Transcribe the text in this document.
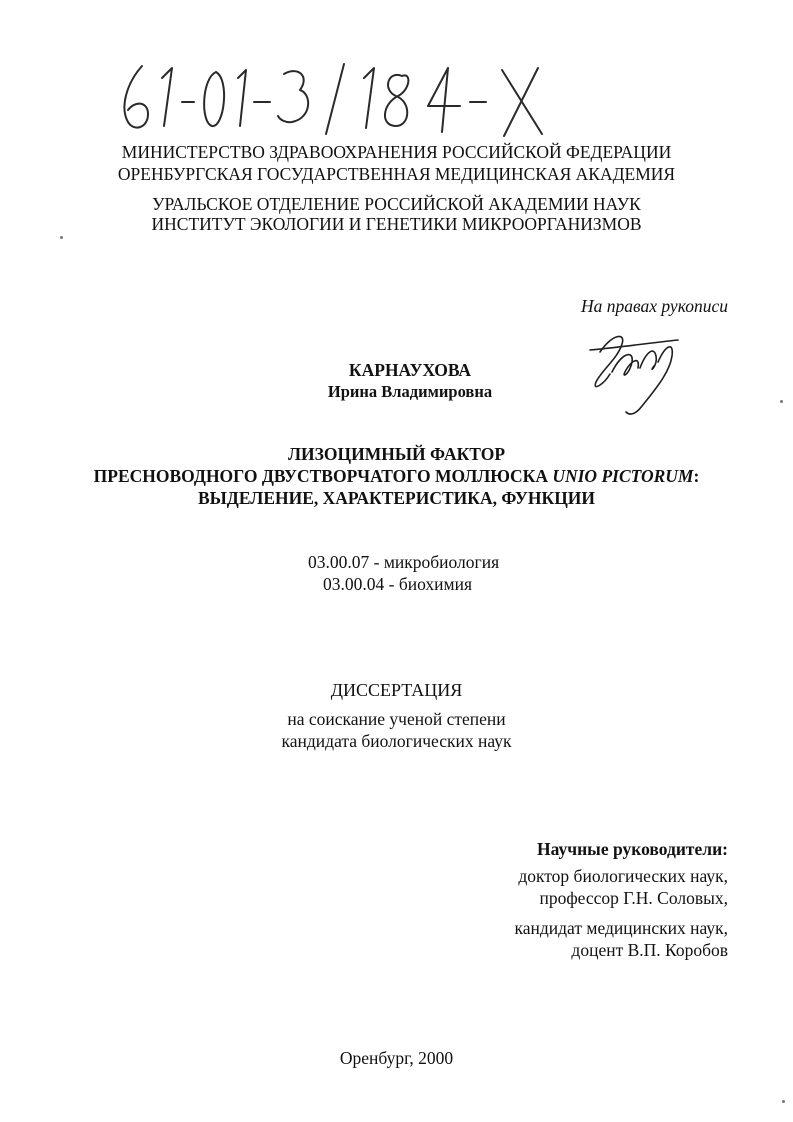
МИНИСТЕРСТВО ЗДРАВООХРАНЕНИЯ РОССИЙСКОЙ ФЕДЕРАЦИИ
ОРЕНБУРГСКАЯ ГОСУДАРСТВЕННАЯ МЕДИЦИНСКАЯ АКАДЕМИЯ
УРАЛЬСКОЕ ОТДЕЛЕНИЕ РОССИЙСКОЙ АКАДЕМИИ НАУК
ИНСТИТУТ ЭКОЛОГИИ И ГЕНЕТИКИ МИКРООРГАНИЗМОВ
На правах рукописи
КАРНАУХОВА
Ирина Владимировна
ЛИЗОЦИМНЫЙ ФАКТОР
ПРЕСНОВОДНОГО ДВУСТВОРЧАТОГО МОЛЛЮСКА UNIO PICTORUM:
ВЫДЕЛЕНИЕ, ХАРАКТЕРИСТИКА, ФУНКЦИИ
03.00.07 - микробиология
03.00.04 - биохимия
ДИССЕРТАЦИЯ
на соискание ученой степени
кандидата биологических наук
Научные руководители:
доктор биологических наук,
профессор Г.Н. Соловых,
кандидат медицинских наук,
доцент В.П. Коробов
Оренбург, 2000
